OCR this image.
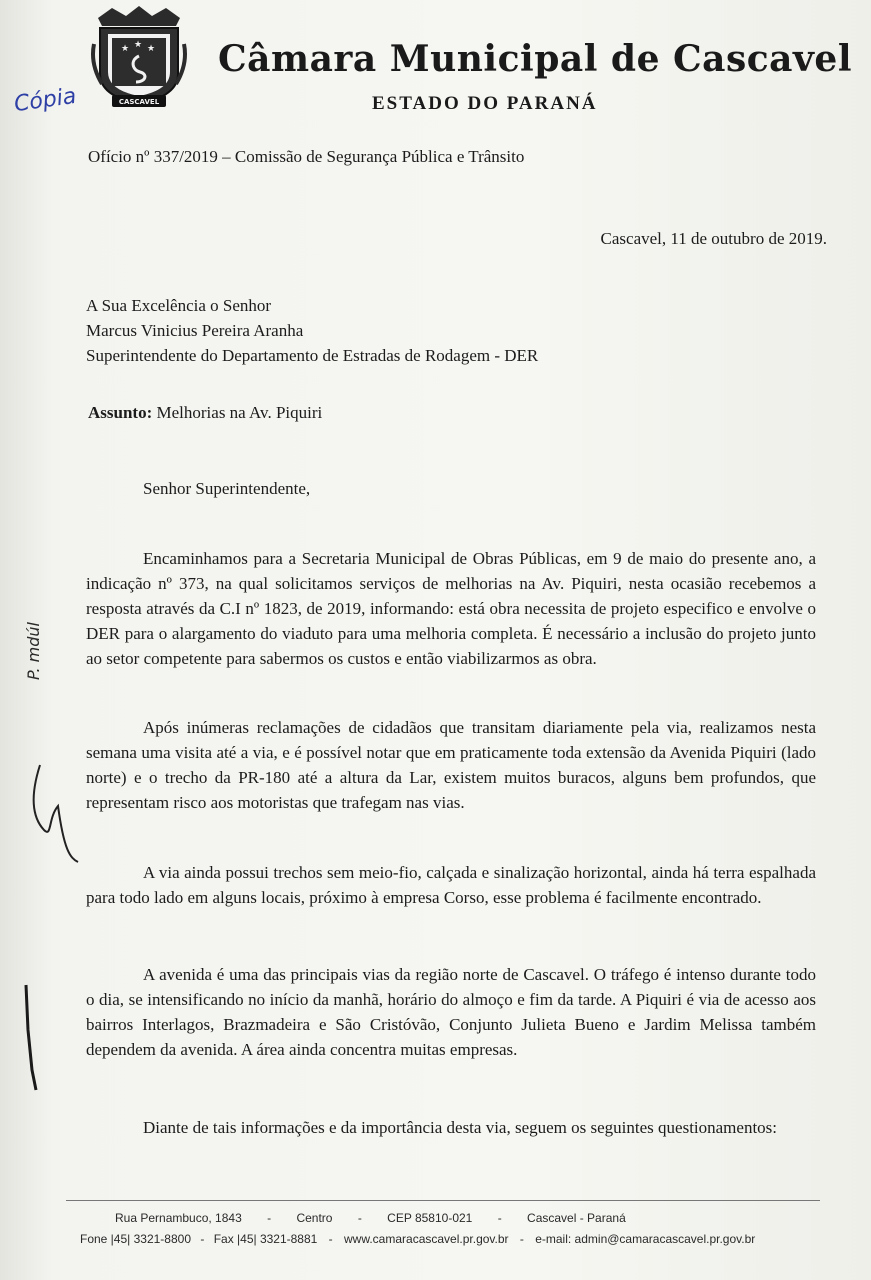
★ ★ ★
CASCAVEL
Câmara Municipal de Cascavel
ESTADO DO PARANÁ
Cópia
P. mdúl
Ofício nº 337/2019 – Comissão de Segurança Pública e Trânsito
Cascavel, 11 de outubro de 2019.
A Sua Excelência o Senhor
Marcus Vinicius Pereira Aranha
Superintendente do Departamento de Estradas de Rodagem - DER
Assunto: Melhorias na Av. Piquiri
Senhor Superintendente,

Encaminhamos para a Secretaria Municipal de Obras Públicas, em 9 de maio do presente ano, a indicação nº 373, na qual solicitamos serviços de melhorias na Av. Piquiri, nesta ocasião recebemos a resposta através da C.I nº 1823, de 2019, informando: está obra necessita de projeto especifico e envolve o DER para o alargamento do viaduto para uma melhoria completa. É necessário a inclusão do projeto junto ao setor competente para sabermos os custos e então viabilizarmos as obra.

Após inúmeras reclamações de cidadãos que transitam diariamente pela via, realizamos nesta semana uma visita até a via, e é possível notar que em praticamente toda extensão da Avenida Piquiri (lado norte) e o trecho da PR-180 até a altura da Lar, existem muitos buracos, alguns bem profundos, que representam risco aos motoristas que trafegam nas vias.

A via ainda possui trechos sem meio-fio, calçada e sinalização horizontal, ainda há terra espalhada para todo lado em alguns locais, próximo à empresa Corso, esse problema é facilmente encontrado.

A avenida é uma das principais vias da região norte de Cascavel. O tráfego é intenso durante todo o dia, se intensificando no início da manhã, horário do almoço e fim da tarde. A Piquiri é via de acesso aos bairros Interlagos, Brazmadeira e São Cristóvão, Conjunto Julieta Bueno e Jardim Melissa também dependem da avenida. A área ainda concentra muitas empresas.

Diante de tais informações e da importância desta via, seguem os seguintes questionamentos:

Rua Pernambuco, 1843 - Centro - CEP 85810-021 - Cascavel - Paraná
Fone |45| 3321-8800 - Fax |45| 3321-8881 - www.camaracascavel.pr.gov.br - e-mail: admin@camaracascavel.pr.gov.br
